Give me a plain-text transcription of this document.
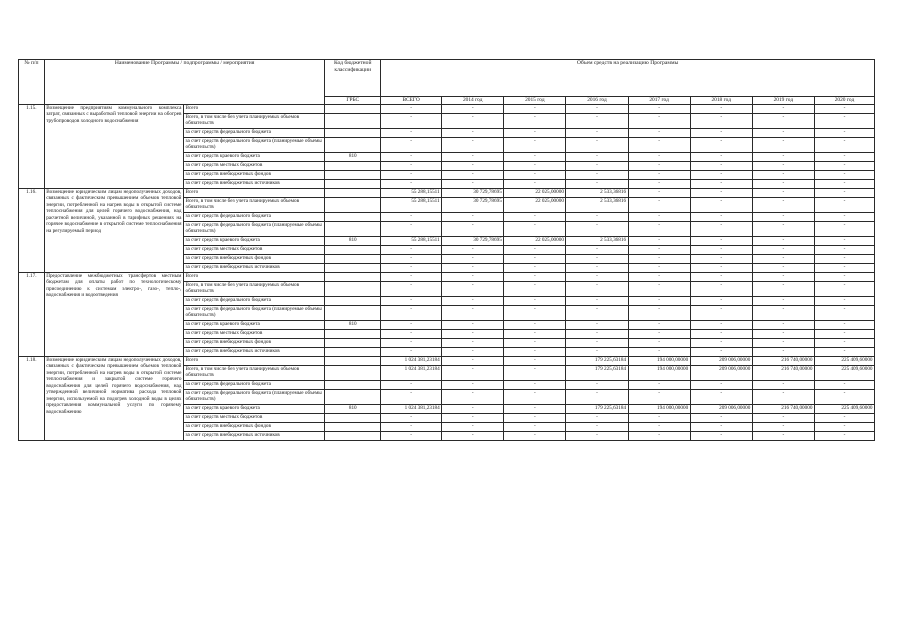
№ п/п	Наименование Программы / подпрограммы / мероприятия		Код бюджетной классификации	Объем средств на реализацию Программы							
			ГРБС	ВСЕГО	2014 год	2015 год	2016 год	2017 год	2018 год	2019 год	2020 год
1.15.	Возмещение предприятиям коммунального комплекса затрат, связанных с выработкой тепловой энергии на обогрев трубопроводов холодного водоснабжения	Всего		-	-	-	-	-	-	-	-
		Всего, в том числе без учета планируемых объемов обязательств		-	-	-	-	-	-	-	-
		за счет средств федерального бюджета		-	-	-	-	-	-	-	-
		за счет средств федерального бюджета (планируемые объемы обязательств)		-	-	-	-	-	-	-	-
		за счет средств краевого бюджета	810	-	-	-	-	-	-	-	-
		за счет средств местных бюджетов		-	-	-	-	-	-	-	-
		за счет средств внебюджетных фондов		-	-	-	-	-	-	-	-
		за счет средств внебюджетных источников		-	-	-	-	-	-	-	-
1.16.	Возмещение юридическим лицам недополученных доходов, связанных с фактическим превышением объемов тепловой энергии, потребленной на нагрев воды в открытой системе теплоснабжения для целей горячего водоснабжения, над расчетной величиной, указанной в тарифных решениях на горячее водоснабжение в открытой системе теплоснабжения на регулируемый период	Всего		55 288,15511	30 729,78695	22 025,00000	2 533,36816	-	-	-	-
		Всего, в том числе без учета планируемых объемов обязательств		55 288,15511	30 729,78695	22 025,00000	2 533,36816	-	-	-	-
		за счет средств федерального бюджета		-	-	-	-	-	-	-	-
		за счет средств федерального бюджета (планируемые объемы обязательств)		-	-	-	-	-	-	-	-
		за счет средств краевого бюджета	810	55 288,15511	30 729,78695	22 025,00000	2 533,36816	-	-	-	-
		за счет средств местных бюджетов		-	-	-	-	-	-	-	-
		за счет средств внебюджетных фондов		-	-	-	-	-	-	-	-
		за счет средств внебюджетных источников		-	-	-	-	-	-	-	-
1.17.	Предоставление межбюджетных трансфертов местным бюджетам для оплаты работ по технологическому присоединению к системам электро-, газо-, тепло-, водоснабжения и водоотведения	Всего		-	-	-	-	-	-	-	-
		Всего, в том числе без учета планируемых объемов обязательств		-	-	-	-	-	-	-	-
		за счет средств федерального бюджета		-	-	-	-	-	-	-	-
		за счет средств федерального бюджета (планируемые объемы обязательств)		-	-	-	-	-	-	-	-
		за счет средств краевого бюджета	810	-	-	-	-	-	-	-	-
		за счет средств местных бюджетов		-	-	-	-	-	-	-	-
		за счет средств внебюджетных фондов		-	-	-	-	-	-	-	-
		за счет средств внебюджетных источников		-	-	-	-	-	-	-	-
1.18.	Возмещение юридическим лицам недополученных доходов, связанных с фактическим превышением объемов тепловой энергии, потребленной на нагрев воды в открытой системе теплоснабжения и закрытой системе горячего водоснабжения для целей горячего водоснабжения, над утвержденной величиной норматива расхода тепловой энергии, используемой на подогрев холодной воды в целях предоставления коммунальной услуги по горячему водоснабжению	Всего		1 024 381,23184	-	-	179 225,63184	194 000,00000	209 006,00000	216 740,00000	225 409,60000
		Всего, в том числе без учета планируемых объемов обязательств		1 024 381,23184	-	-	179 225,63184	194 000,00000	209 006,00000	216 740,00000	225 409,60000
		за счет средств федерального бюджета		-	-	-	-	-	-	-	-
		за счет средств федерального бюджета (планируемые объемы обязательств)		-	-	-	-	-	-	-	-
		за счет средств краевого бюджета	810	1 024 381,23184	-	-	179 225,63184	194 000,00000	209 006,00000	216 740,00000	225 409,60000
		за счет средств местных бюджетов		-	-	-	-	-	-	-	-
		за счет средств внебюджетных фондов		-	-	-	-	-	-	-	-
		за счет средств внебюджетных источников		-	-	-	-	-	-	-	-
